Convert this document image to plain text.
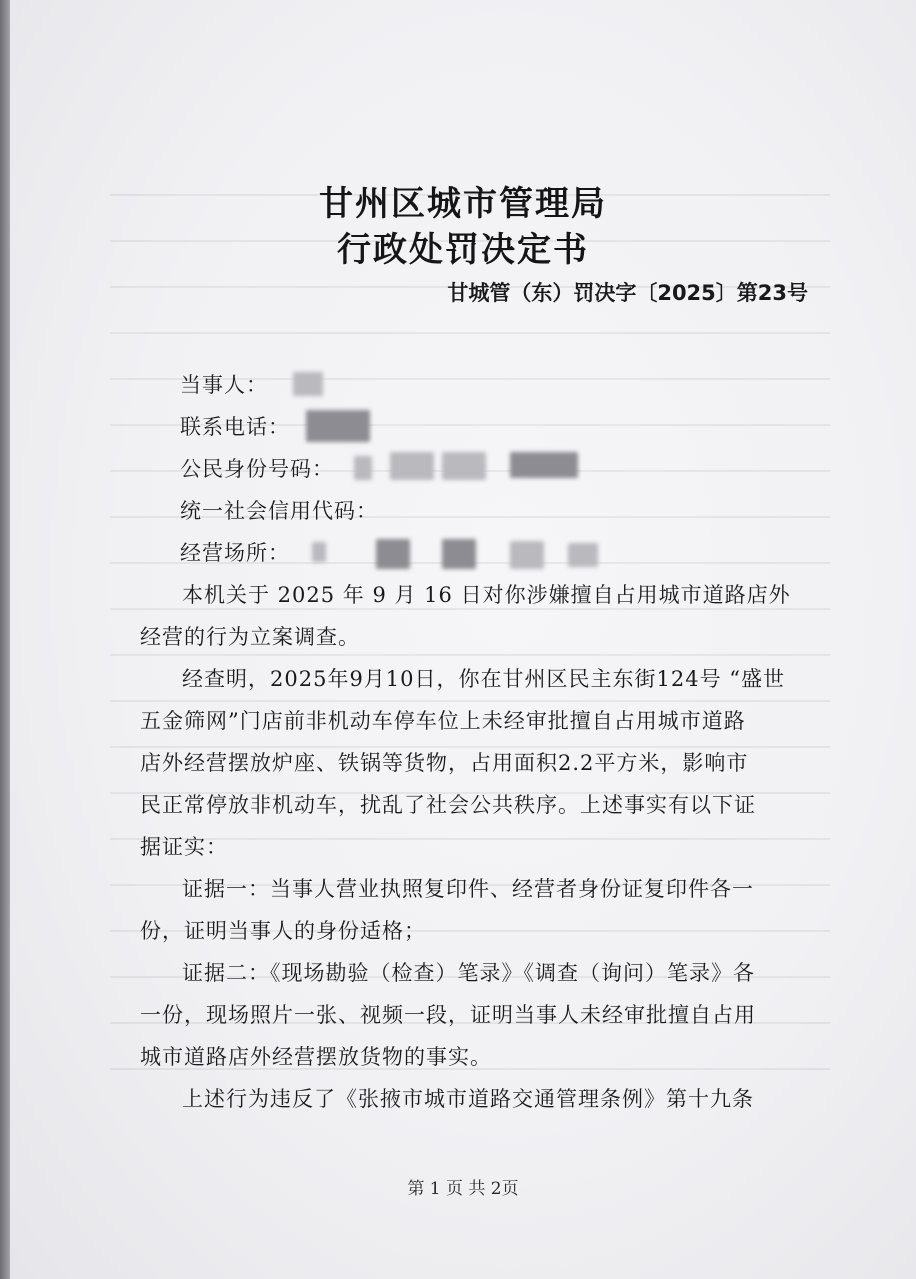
甘州区城市管理局
行政处罚决定书
甘城管（东）罚决字〔2025〕第23号
当事人：
联系电话：
公民身份号码：
统一社会信用代码：
经营场所：
本机关于 2025 年 9 月 16 日对你涉嫌擅自占用城市道路店外
经营的行为立案调查。
经查明，2025年9月10日，你在甘州区民主东街124号 “盛世
五金筛网”门店前非机动车停车位上未经审批擅自占用城市道路
店外经营摆放炉座、铁锅等货物，占用面积2.2平方米，影响市
民正常停放非机动车，扰乱了社会公共秩序。上述事实有以下证
据证实：
证据一：当事人营业执照复印件、经营者身份证复印件各一
份，证明当事人的身份适格；
证据二：《现场勘验（检查）笔录》《调查（询问）笔录》各
一份，现场照片一张、视频一段，证明当事人未经审批擅自占用
城市道路店外经营摆放货物的事实。
上述行为违反了《张掖市城市道路交通管理条例》第十九条
第 1 页 共 2页
